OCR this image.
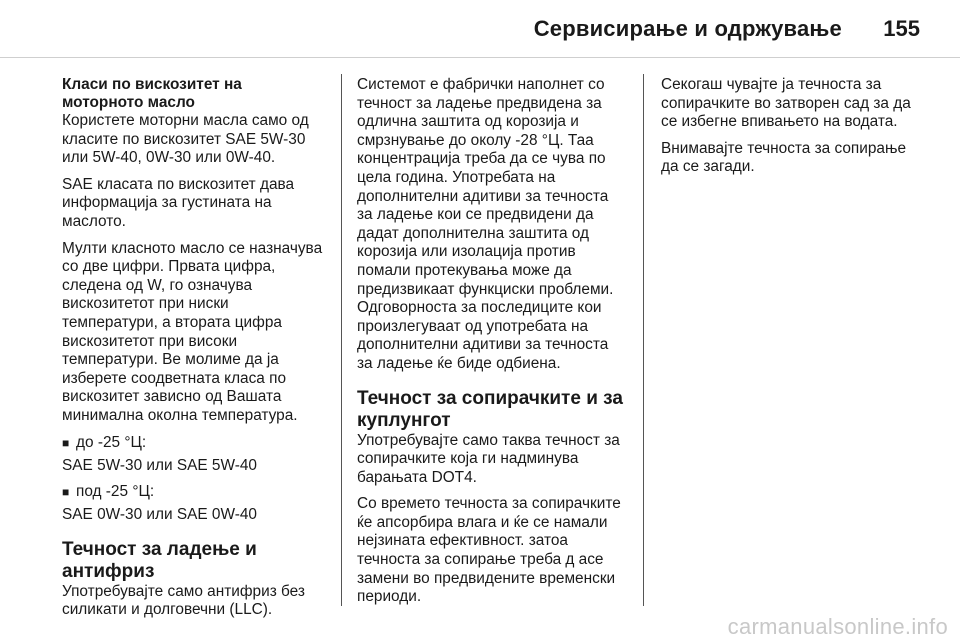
Сервисирање и одржување 155
Класи по вискозитет на моторното масло

Користете моторни масла само од класите по вискозитет SAE 5W-30 или 5W-40, 0W-30 или 0W-40.

SAE класата по вискозитет дава информација за густината на маслото.

Мулти класното масло се назначува со две цифри. Првата цифра, следена од W, го означува вискозитетот при ниски температури, а втората цифра вискозитетот при високи температури. Ве молиме да ја изберете соодветната класа по вискозитет зависно од Вашата минимална околна температура.

■ до -25 °Ц:

SAE 5W-30 или SAE 5W-40

■ под -25 °Ц:

SAE 0W-30 или SAE 0W-40

Течност за ладење и антифриз

Употребувајте само антифриз без силикати и долговечни (LLC).

Системот е фабрички наполнет со течност за ладење предвидена за одлична заштита од корозија и смрзнување до околу -28 °Ц. Таа концентрација треба да се чува по цела година. Употребата на дополнителни адитиви за течноста за ладење кои се предвидени да дадат дополнителна заштита од корозија или изолација против помали протекувања може да предизвикаат функциски проблеми. Одговорноста за последиците кои произлегуваат од употребата на дополнителни адитиви за течноста за ладење ќе биде одбиена.

Течност за сопирачките и за куплунгот

Употребувајте само таква течност за сопирачките која ги надминува барањата DOT4.

Со времето течноста за сопирачките ќе апсорбира влага и ќе се намали нејзината ефективност. затоа течноста за сопирање треба д асе замени во предвидените временски периоди.

Секогаш чувајте ја течноста за сопирачките во затворен сад за да се избегне впивањето на водата.

Внимавајте течноста за сопирање да се загади.

carmanualsonline.info
